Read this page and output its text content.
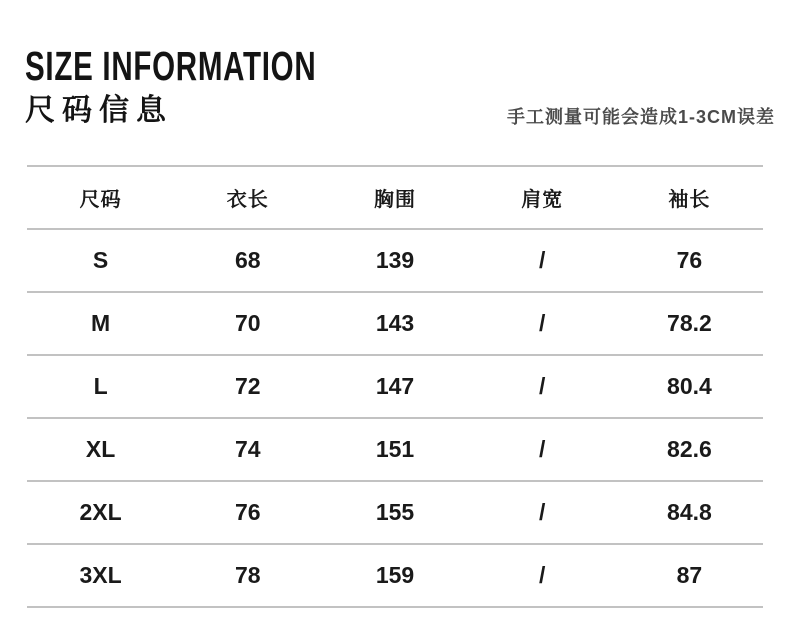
SIZE INFORMATION
尺码信息	手工测量可能会造成1-3CM误差
尺码	衣长	胸围	肩宽	袖长
S	68	139	/	76
M	70	143	/	78.2
L	72	147	/	80.4
XL	74	151	/	82.6
2XL	76	155	/	84.8
3XL	78	159	/	87
